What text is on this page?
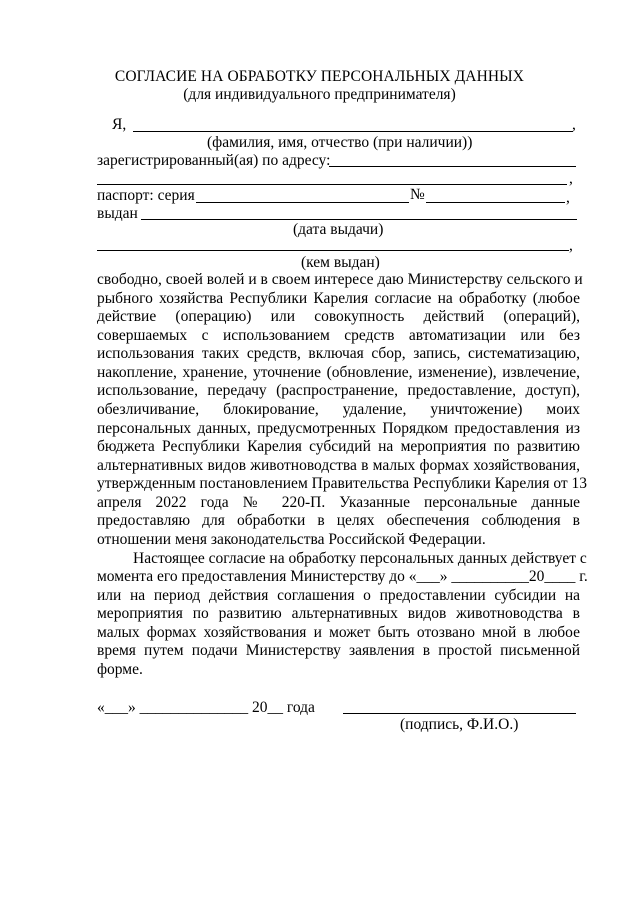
СОГЛАСИЕ НА ОБРАБОТКУ ПЕРСОНАЛЬНЫХ ДАННЫХ
(для индивидуального предпринимателя)
Я,	,
(фамилия, имя, отчество (при наличии))
зарегистрированный(ая) по адресу:
,
паспорт: серия	№	,
выдан
(дата выдачи)
,
(кем выдан)
свободно, своей волей и в своем интересе даю Министерству сельского и
рыбного хозяйства Республики Карелия согласие на обработку (любое
действие (операцию) или совокупность действий (операций),
совершаемых с использованием средств автоматизации или без
использования таких средств, включая сбор, запись, систематизацию,
накопление, хранение, уточнение (обновление, изменение), извлечение,
использование, передачу (распространение, предоставление, доступ),
обезличивание, блокирование, удаление, уничтожение) моих
персональных данных, предусмотренных Порядком предоставления из
бюджета Республики Карелия субсидий на мероприятия по развитию
альтернативных видов животноводства в малых формах хозяйствования,
утвержденным постановлением Правительства Республики Карелия от 13
апреля 2022 года № 220-П. Указанные персональные данные
предоставляю для обработки в целях обеспечения соблюдения в
отношении меня законодательства Российской Федерации.
Настоящее согласие на обработку персональных данных действует с
момента его предоставления Министерству до «___» __________20____ г.
или на период действия соглашения о предоставлении субсидии на
мероприятия по развитию альтернативных видов животноводства в
малых формах хозяйствования и может быть отозвано мной в любое
время путем подачи Министерству заявления в простой письменной
форме.
«___» ______________ 20__ года
(подпись, Ф.И.О.)
